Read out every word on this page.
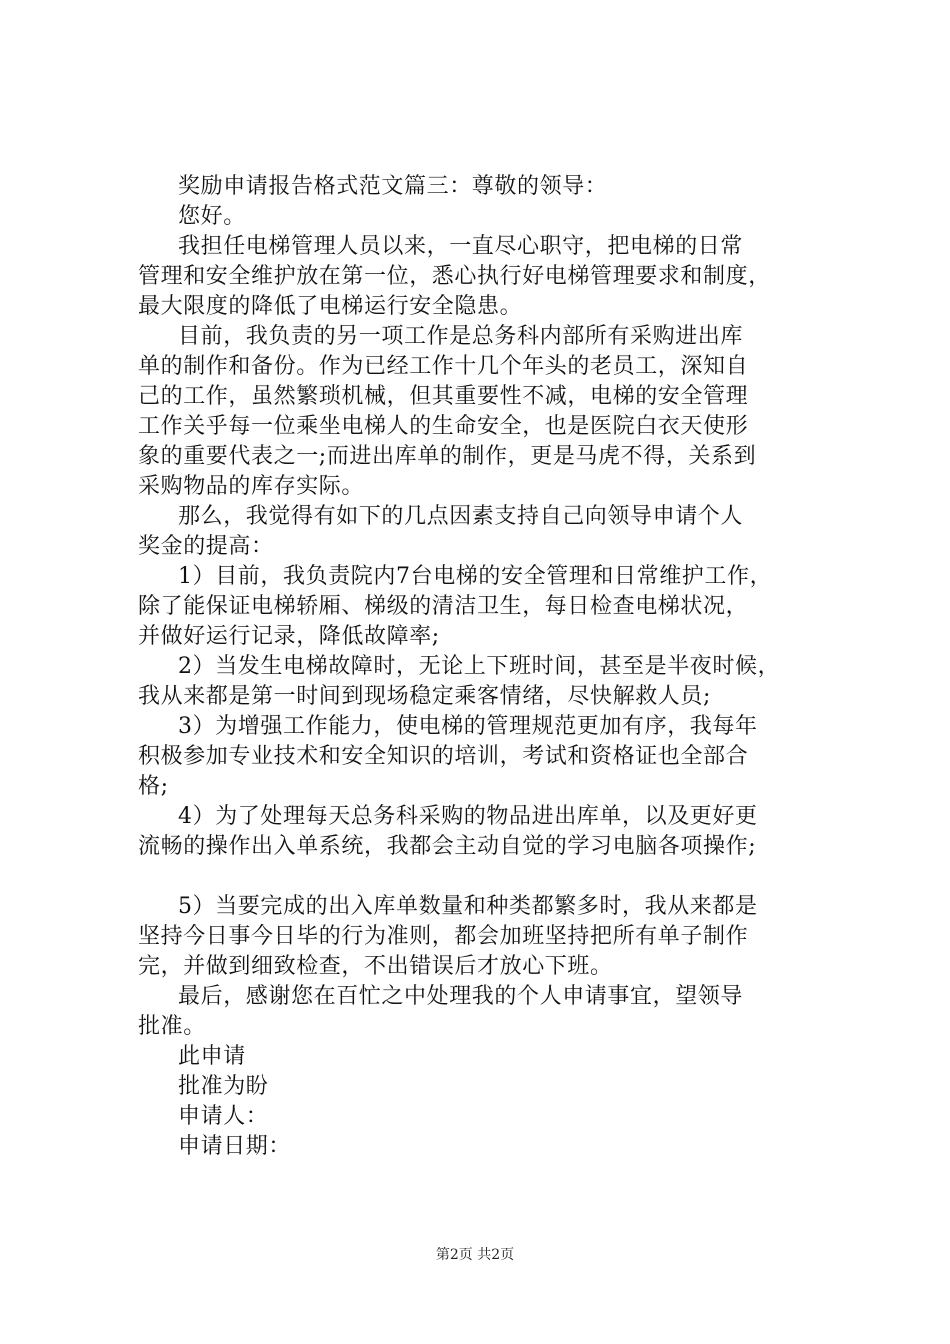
奖励申请报告格式范文篇三：尊敬的领导：
您好。
我担任电梯管理人员以来，一直尽心职守，把电梯的日常
管理和安全维护放在第一位，悉心执行好电梯管理要求和制度，
最大限度的降低了电梯运行安全隐患。
目前，我负责的另一项工作是总务科内部所有采购进出库
单的制作和备份。作为已经工作十几个年头的老员工，深知自
己的工作，虽然繁琐机械，但其重要性不减，电梯的安全管理
工作关乎每一位乘坐电梯人的生命安全，也是医院白衣天使形
象的重要代表之一;而进出库单的制作，更是马虎不得，关系到
采购物品的库存实际。
那么，我觉得有如下的几点因素支持自己向领导申请个人
奖金的提高：
1）目前，我负责院内7台电梯的安全管理和日常维护工作，
除了能保证电梯轿厢、梯级的清洁卫生，每日检查电梯状况，
并做好运行记录，降低故障率;
2）当发生电梯故障时，无论上下班时间，甚至是半夜时候，
我从来都是第一时间到现场稳定乘客情绪，尽快解救人员;
3）为增强工作能力，使电梯的管理规范更加有序，我每年
积极参加专业技术和安全知识的培训，考试和资格证也全部合
格;
4）为了处理每天总务科采购的物品进出库单，以及更好更
流畅的操作出入单系统，我都会主动自觉的学习电脑各项操作;
5）当要完成的出入库单数量和种类都繁多时，我从来都是
坚持今日事今日毕的行为准则，都会加班坚持把所有单子制作
完，并做到细致检查，不出错误后才放心下班。
最后，感谢您在百忙之中处理我的个人申请事宜，望领导
批准。
此申请
批准为盼
申请人：
申请日期：
第2页 共2页
